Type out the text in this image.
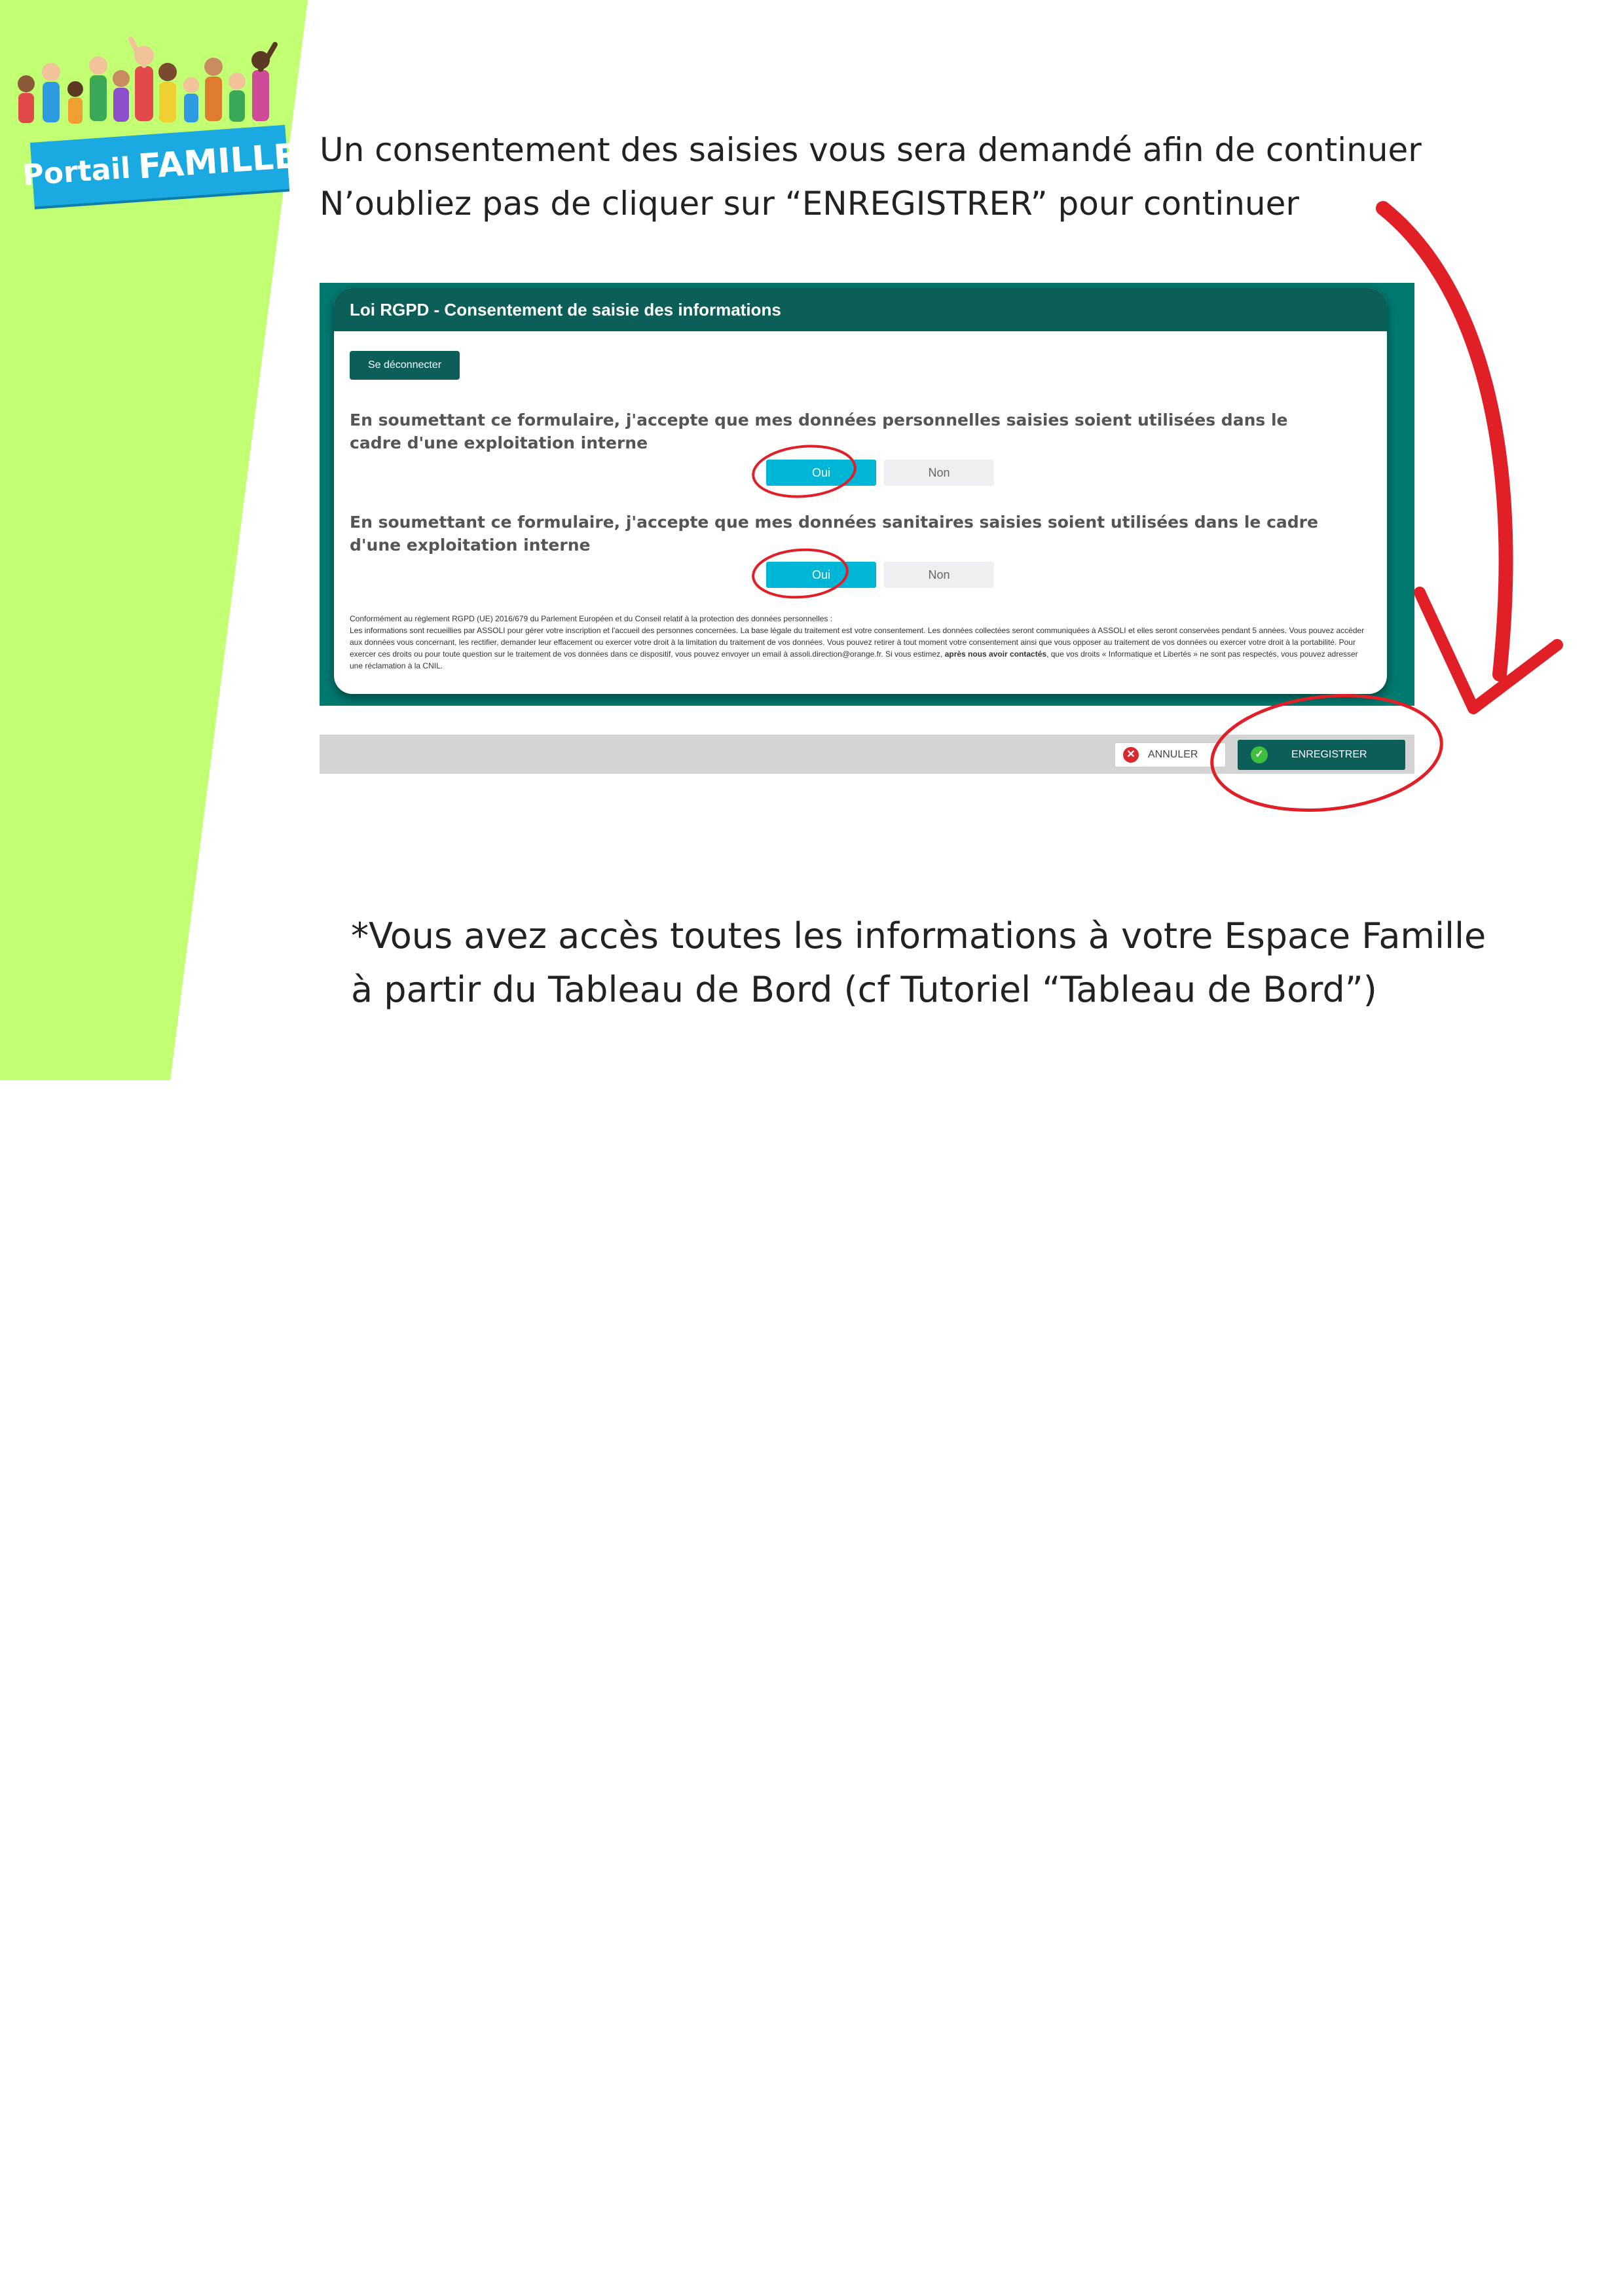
Portail FAMILLE Un consentement des saisies vous sera demandé afin de continuer
N’oubliez pas de cliquer sur “ENREGISTRER” pour continuer
Loi RGPD - Consentement de saisie des informations
Se déconnecter
En soumettant ce formulaire, j'accepte que mes données personnelles saisies soient utilisées dans le cadre d'une exploitation interne
Oui	Non
En soumettant ce formulaire, j'accepte que mes données sanitaires saisies soient utilisées dans le cadre d'une exploitation interne
Oui	Non
Conformément au règlement RGPD (UE) 2016/679 du Parlement Européen et du Conseil relatif à la protection des données personnelles :
Les informations sont recueillies par ASSOLI pour gérer votre inscription et l'accueil des personnes concernées. La base légale du traitement est votre consentement. Les données collectées seront communiquées à ASSOLI et elles seront conservées pendant 5 années. Vous pouvez accéder aux données vous concernant, les rectifier, demander leur effacement ou exercer votre droit à la limitation du traitement de vos données. Vous pouvez retirer à tout moment votre consentement ainsi que vous opposer au traitement de vos données ou exercer votre droit à la portabilité. Pour exercer ces droits ou pour toute question sur le traitement de vos données dans ce dispositif, vous pouvez envoyer un email à assoli.direction@orange.fr. Si vous estimez, après nous avoir contactés, que vos droits « Informatique et Libertés » ne sont pas respectés, vous pouvez adresser une réclamation à la CNIL.
✕	ANNULER	✓	ENREGISTRER
*Vous avez accès toutes les informations à votre Espace Famille
à partir du Tableau de Bord (cf Tutoriel “Tableau de Bord”)
